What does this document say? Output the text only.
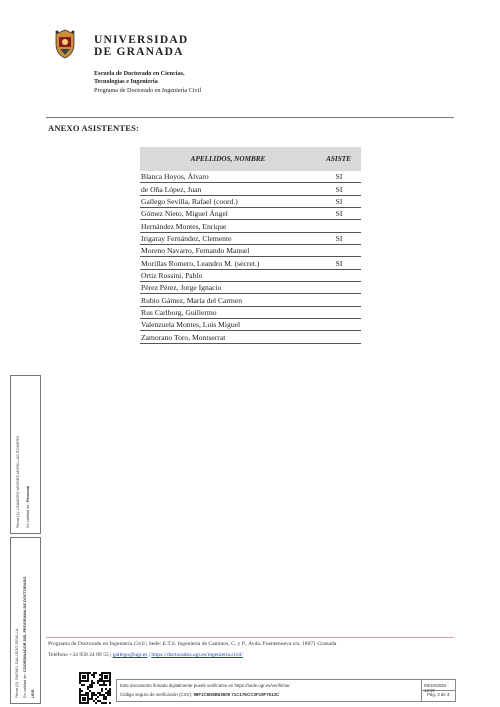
UNIVERSIDAD
DE GRANADA
Escuela de Doctorado en Ciencias,
Tecnologías e Ingeniería
Programa de Doctorado en Ingeniería Civil
ANEXO ASISTENTES:
APELLIDOS, NOMBRE	ASISTE
Blanca Hoyos, Álvaro	SI
de Oña López, Juan	SI
Gallego Sevilla, Rafael (coord.)	SI
Gómez Nieto, Miguel Ángel	SI
Hernández Montes, Enrique	
Irigaray Fernández, Clemente	SI
Moreno Navarro, Fernando Manuel	
Morillas Romero, Leandro M. (secret.)	SI
Ortiz Rossini, Pablo	
Pérez Pérez, Jorge Ignacio	
Rubio Gámez, María del Carmen	
Rus Carlborg, Guillermo	
Valenzuela Montes, Luis Miguel	
Zamorano Toro, Montserrat	
Firma (1): LEANDRO MOISES MORILLAS ROMERO En calidad de: Personal
Firma (2): RAFAEL GALLEGO SEVILLA En calidad de: COORDINADOR DEL PROGRAMA DE DOCTORADO
UGR
Programa de Doctorado en Ingeniería Civil | Sede: E.T.S. Ingeniería de Caminos, C. y P., Avda. Fuentenueva s/n, 18071 Granada
Teléfono +34 958 24 89 55 | gallego@ugr.es | https://doctorados.ugr.es/ingenieria.civil/
Este documento firmado digitalmente puede verificarse en https://sede.ugr.es/verifirma/
Código seguro de verificación (CSV): 98F1C8D8B63609 71C17ECC3F19F7613C
09/10/2025 - 12:07
Pág. 3 de 3
